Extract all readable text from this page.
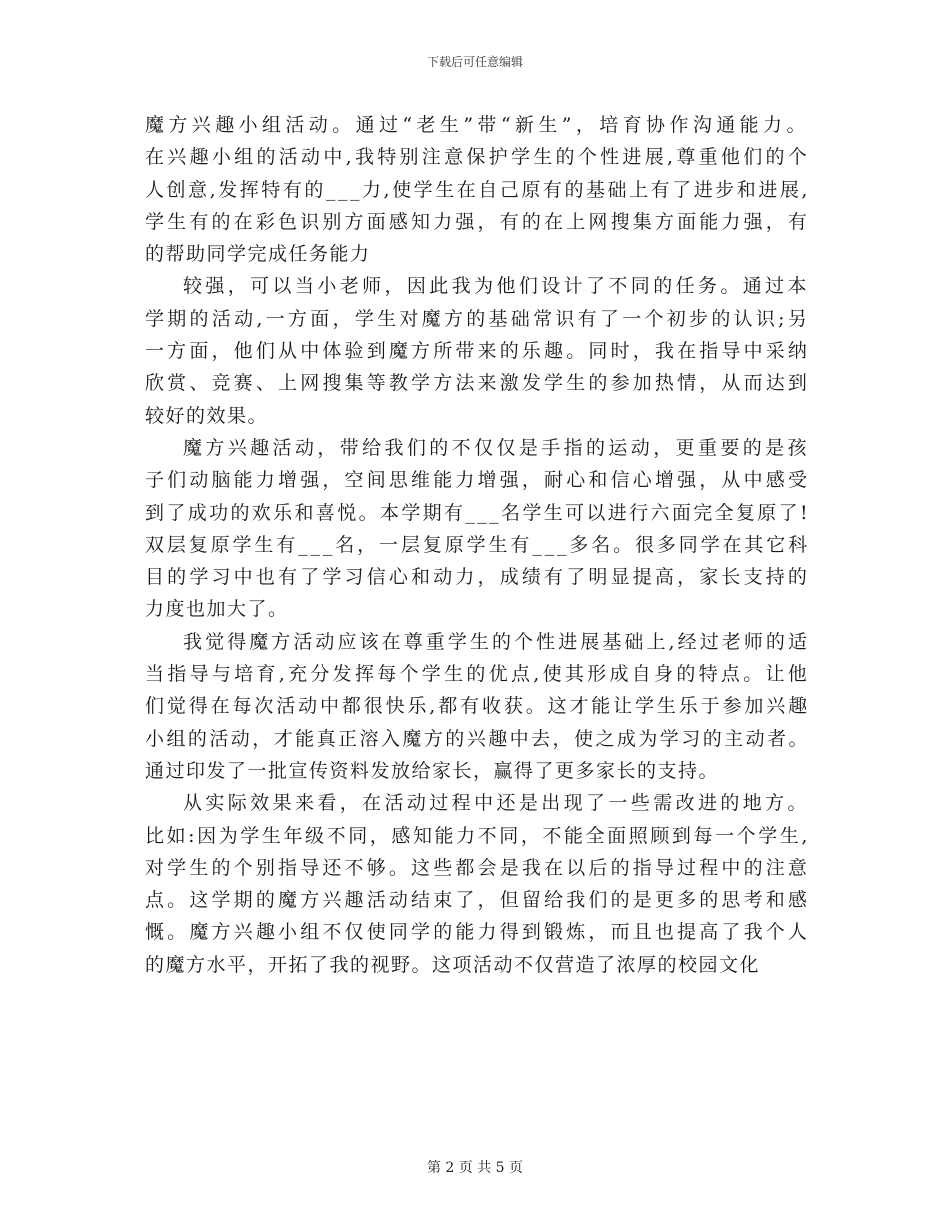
下载后可任意编辑

魔方兴趣小组活动。通过“老生”带“新生”，培育协作沟通能力。
在兴趣小组的活动中,我特别注意保护学生的个性进展,尊重他们的个
人创意,发挥特有的___力,使学生在自己原有的基础上有了进步和进展,
学生有的在彩色识别方面感知力强，有的在上网搜集方面能力强，有
的帮助同学完成任务能力

较强，可以当小老师，因此我为他们设计了不同的任务。通过本
学期的活动,一方面，学生对魔方的基础常识有了一个初步的认识;另
一方面，他们从中体验到魔方所带来的乐趣。同时，我在指导中采纳
欣赏、竞赛、上网搜集等教学方法来激发学生的参加热情，从而达到
较好的效果。

魔方兴趣活动，带给我们的不仅仅是手指的运动，更重要的是孩
子们动脑能力增强，空间思维能力增强，耐心和信心增强，从中感受
到了成功的欢乐和喜悦。本学期有___名学生可以进行六面完全复原了!
双层复原学生有___名，一层复原学生有___多名。很多同学在其它科
目的学习中也有了学习信心和动力，成绩有了明显提高，家长支持的
力度也加大了。

我觉得魔方活动应该在尊重学生的个性进展基础上,经过老师的适
当指导与培育,充分发挥每个学生的优点,使其形成自身的特点。让他
们觉得在每次活动中都很快乐,都有收获。这才能让学生乐于参加兴趣
小组的活动，才能真正溶入魔方的兴趣中去，使之成为学习的主动者。
通过印发了一批宣传资料发放给家长，赢得了更多家长的支持。

从实际效果来看，在活动过程中还是出现了一些需改进的地方。
比如:因为学生年级不同，感知能力不同，不能全面照顾到每一个学生,
对学生的个别指导还不够。这些都会是我在以后的指导过程中的注意
点。这学期的魔方兴趣活动结束了，但留给我们的是更多的思考和感
慨。魔方兴趣小组不仅使同学的能力得到锻炼，而且也提高了我个人
的魔方水平，开拓了我的视野。这项活动不仅营造了浓厚的校园文化

第 2 页 共 5 页
